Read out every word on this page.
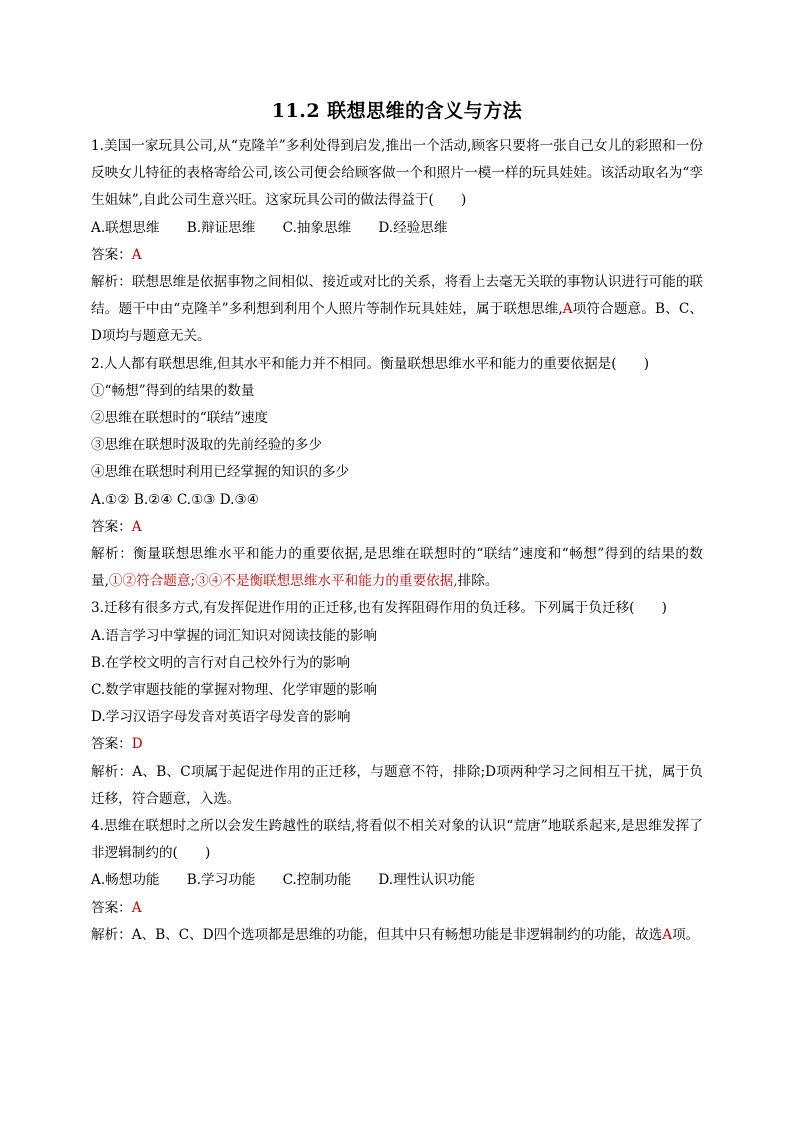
11.2 联想思维的含义与方法

1.美国一家玩具公司,从“克隆羊”多利处得到启发,推出一个活动,顾客只要将一张自己女儿的彩照和一份反映女儿特征的表格寄给公司,该公司便会给顾客做一个和照片一模一样的玩具娃娃。该活动取名为“孪生姐妹”,自此公司生意兴旺。这家玩具公司的做法得益于(　　)

A.联想思维　　B.辩证思维　　C.抽象思维　　D.经验思维

答案：A

解析：联想思维是依据事物之间相似、接近或对比的关系，将看上去毫无关联的事物认识进行可能的联结。题干中由“克隆羊”多利想到利用个人照片等制作玩具娃娃，属于联想思维,A项符合题意。B、C、D项均与题意无关。

2.人人都有联想思维,但其水平和能力并不相同。衡量联想思维水平和能力的重要依据是(　　)

①“畅想”得到的结果的数量

②思维在联想时的“联结”速度

③思维在联想时汲取的先前经验的多少

④思维在联想时利用已经掌握的知识的多少

A.①② B.②④ C.①③ D.③④

答案：A

解析：衡量联想思维水平和能力的重要依据,是思维在联想时的“联结”速度和“畅想”得到的结果的数量,①②符合题意;③④不是衡联想思维水平和能力的重要依据,排除。

3.迁移有很多方式,有发挥促进作用的正迁移,也有发挥阻碍作用的负迁移。下列属于负迁移(　　)

A.语言学习中掌握的词汇知识对阅读技能的影响

B.在学校文明的言行对自己校外行为的影响

C.数学审题技能的掌握对物理、化学审题的影响

D.学习汉语字母发音对英语字母发音的影响

答案：D

解析：A、B、C项属于起促进作用的正迁移，与题意不符，排除;D项两种学习之间相互干扰，属于负迁移，符合题意，入选。

4.思维在联想时之所以会发生跨越性的联结,将看似不相关对象的认识“荒唐”地联系起来,是思维发挥了非逻辑制约的(　　)

A.畅想功能　　B.学习功能　　C.控制功能　　D.理性认识功能

答案：A

解析：A、B、C、D四个选项都是思维的功能，但其中只有畅想功能是非逻辑制约的功能，故选A项。
